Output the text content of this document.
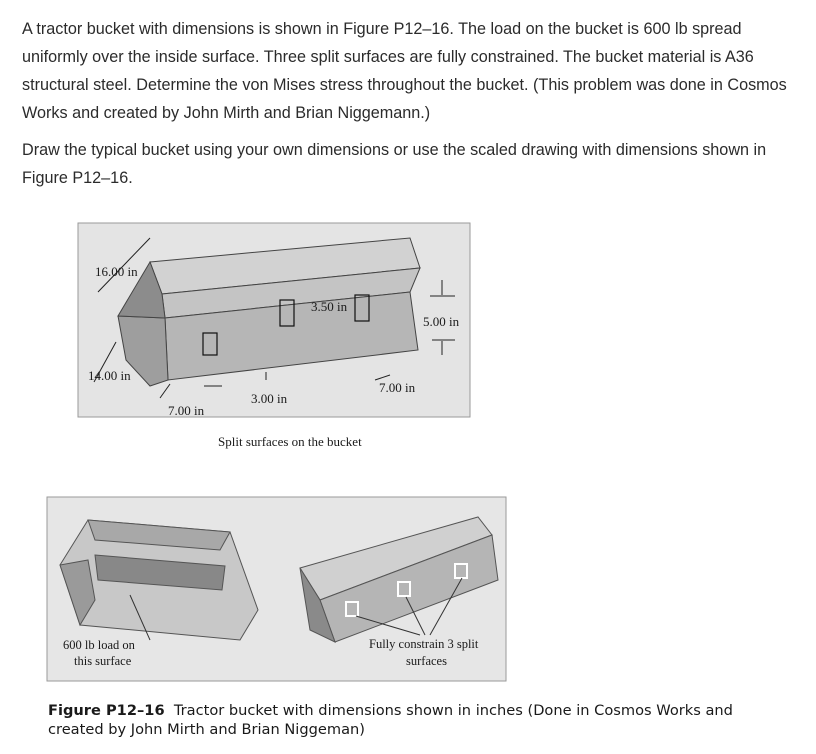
A tractor bucket with dimensions is shown in Figure P12–16. The load on the bucket is 600 lb spread uniformly over the inside surface. Three split surfaces are fully constrained. The bucket material is A36 structural steel. Determine the von Mises stress throughout the bucket. (This problem was done in Cosmos Works and created by John Mirth and Brian Niggemann.)

Draw the typical bucket using your own dimensions or use the scaled drawing with dimensions shown in Figure P12–16.

Split surfaces on the bucket
16.00 in
14.00 in
7.00 in
3.00 in
3.50 in
7.00 in
5.00 in
600 lb load on
this surface
Fully constrain 3 split
surfaces
Figure P12–16 Tractor bucket with dimensions shown in inches (Done in Cosmos Works and created by John Mirth and Brian Niggeman)
